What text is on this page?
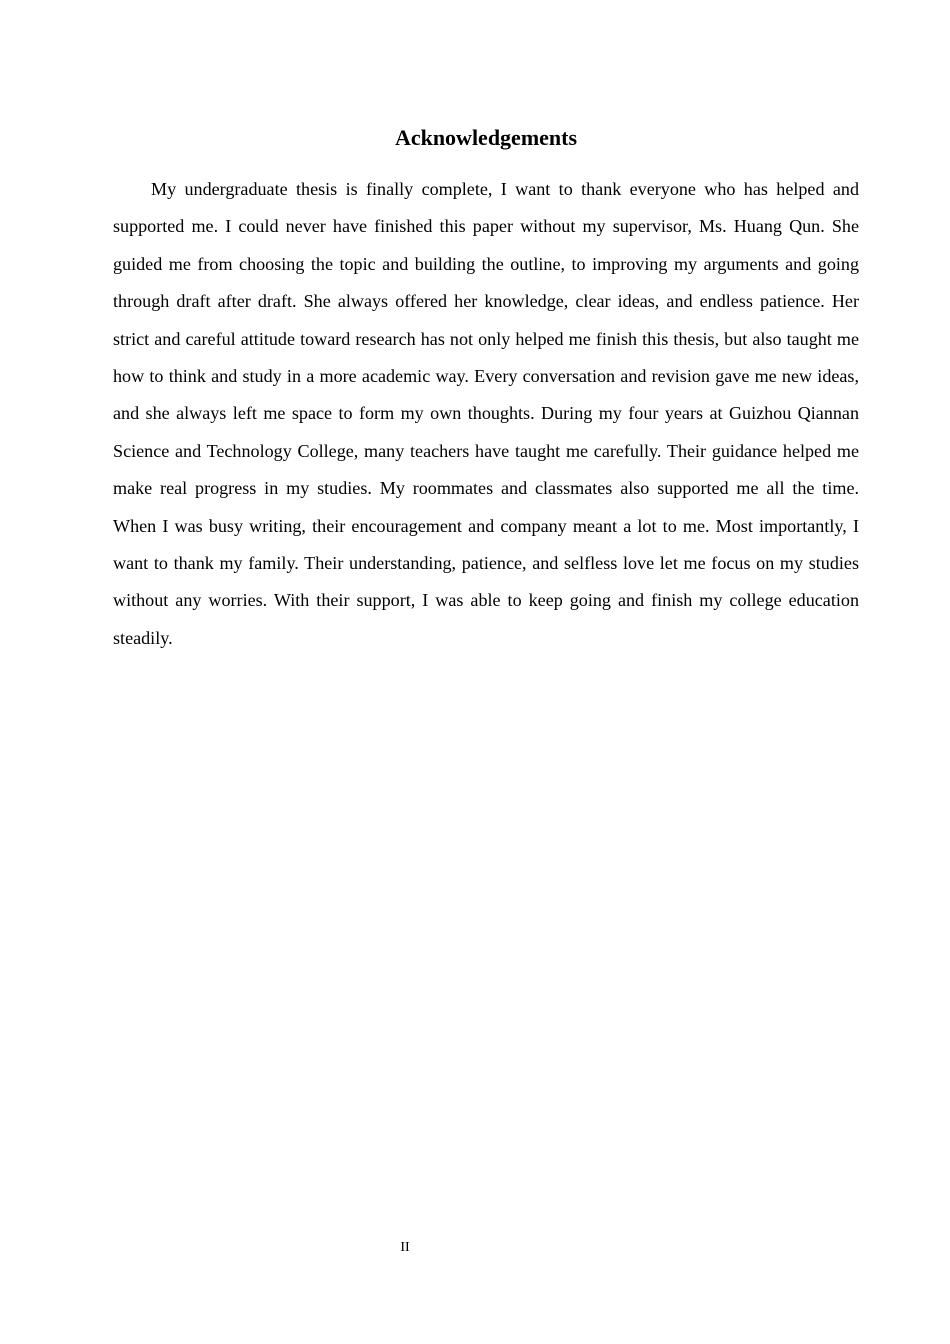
Acknowledgements

My undergraduate thesis is finally complete, I want to thank everyone who has helped and supported me. I could never have finished this paper without my supervisor, Ms. Huang Qun. She guided me from choosing the topic and building the outline, to improving my arguments and going through draft after draft. She always offered her knowledge, clear ideas, and endless patience. Her strict and careful attitude toward research has not only helped me finish this thesis, but also taught me how to think and study in a more academic way. Every conversation and revision gave me new ideas, and she always left me space to form my own thoughts. During my four years at Guizhou Qiannan Science and Technology College, many teachers have taught me carefully. Their guidance helped me make real progress in my studies. My roommates and classmates also supported me all the time. When I was busy writing, their encouragement and company meant a lot to me. Most importantly, I want to thank my family. Their understanding, patience, and selfless love let me focus on my studies without any worries. With their support, I was able to keep going and finish my college education steadily.

II
